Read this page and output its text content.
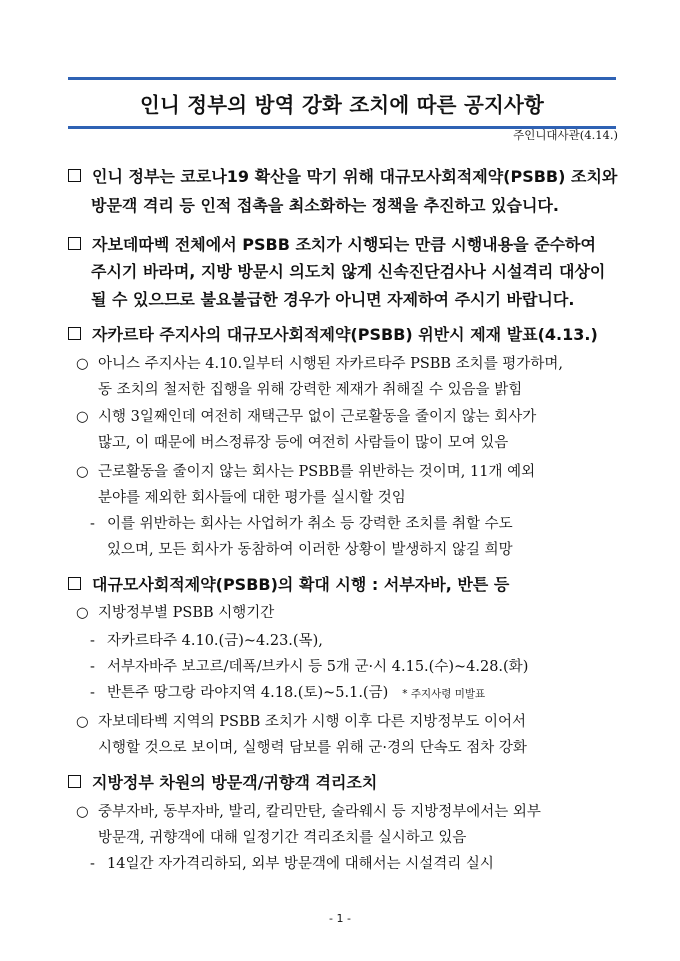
인니 정부의 방역 강화 조치에 따른 공지사항
주인니대사관(4.14.)
인니 정부는 코로나19 확산을 막기 위해 대규모사회적제약(PSBB) 조치와
방문객 격리 등 인적 접촉을 최소화하는 정책을 추진하고 있습니다.
자보데따벡 전체에서 PSBB 조치가 시행되는 만큼 시행내용을 준수하여
주시기 바라며, 지방 방문시 의도치 않게 신속진단검사나 시설격리 대상이
될 수 있으므로 불요불급한 경우가 아니면 자제하여 주시기 바랍니다.
자카르타 주지사의 대규모사회적제약(PSBB) 위반시 제재 발표(4.13.)
○ 아니스 주지사는 4.10.일부터 시행된 자카르타주 PSBB 조치를 평가하며,
동 조치의 철저한 집행을 위해 강력한 제재가 취해질 수 있음을 밝힘
○ 시행 3일째인데 여전히 재택근무 없이 근로활동을 줄이지 않는 회사가
많고, 이 때문에 버스정류장 등에 여전히 사람들이 많이 모여 있음
○ 근로활동을 줄이지 않는 회사는 PSBB를 위반하는 것이며, 11개 예외
분야를 제외한 회사들에 대한 평가를 실시할 것임
- 이를 위반하는 회사는 사업허가 취소 등 강력한 조치를 취할 수도
있으며, 모든 회사가 동참하여 이러한 상황이 발생하지 않길 희망
대규모사회적제약(PSBB)의 확대 시행 : 서부자바, 반튼 등
○ 지방정부별 PSBB 시행기간
- 자카르타주 4.10.(금)~4.23.(목),
- 서부자바주 보고르/데폭/브카시 등 5개 군·시 4.15.(수)~4.28.(화)
- 반튼주 땅그랑 라야지역 4.18.(토)~5.1.(금) * 주지사령 미발표
○ 자보데타벡 지역의 PSBB 조치가 시행 이후 다른 지방정부도 이어서
시행할 것으로 보이며, 실행력 담보를 위해 군·경의 단속도 점차 강화
지방정부 차원의 방문객/귀향객 격리조치
○ 중부자바, 동부자바, 발리, 칼리만탄, 술라웨시 등 지방정부에서는 외부
방문객, 귀향객에 대해 일정기간 격리조치를 실시하고 있음
- 14일간 자가격리하되, 외부 방문객에 대해서는 시설격리 실시
- 1 -
